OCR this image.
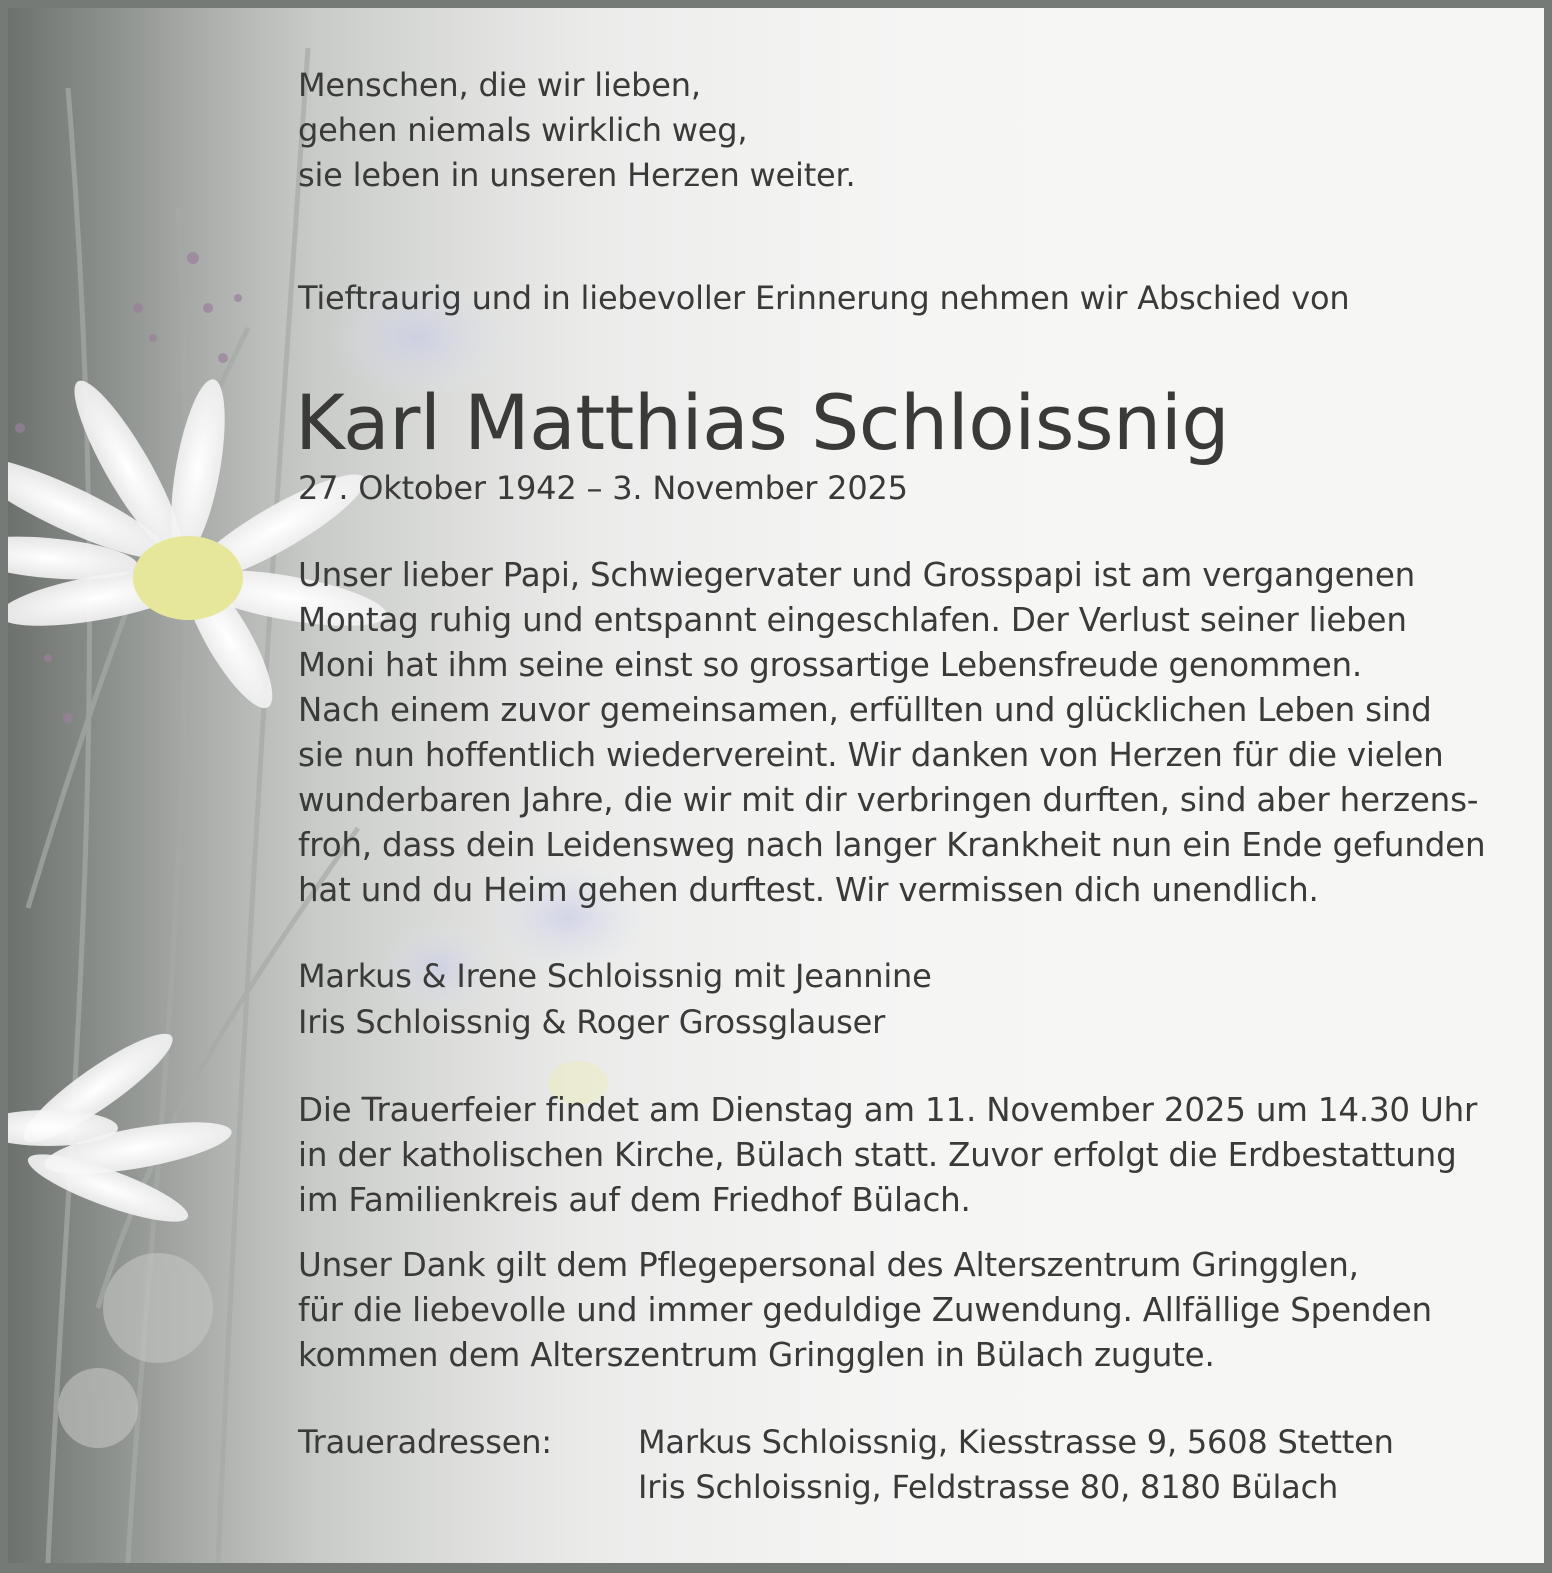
Menschen, die wir lieben,
gehen niemals wirklich weg,
sie leben in unseren Herzen weiter.

Tieftraurig und in liebevoller Erinnerung nehmen wir Abschied von

Karl Matthias Schloissnig

27. Oktober 1942 – 3. November 2025

Unser lieber Papi, Schwiegervater und Grosspapi ist am vergangenen
Montag ruhig und entspannt eingeschlafen. Der Verlust seiner lieben
Moni hat ihm seine einst so grossartige Lebensfreude genommen.
Nach einem zuvor gemeinsamen, erfüllten und glücklichen Leben sind
sie nun hoffentlich wiedervereint. Wir danken von Herzen für die vielen
wunderbaren Jahre, die wir mit dir verbringen durften, sind aber herzens-
froh, dass dein Leidensweg nach langer Krankheit nun ein Ende gefunden
hat und du Heim gehen durftest. Wir vermissen dich unendlich.
Markus & Irene Schloissnig mit Jeannine
Iris Schloissnig & Roger Grossglauser
Die Trauerfeier findet am Dienstag am 11. November 2025 um 14.30 Uhr
in der katholischen Kirche, Bülach statt. Zuvor erfolgt die Erdbestattung
im Familienkreis auf dem Friedhof Bülach.
Unser Dank gilt dem Pflegepersonal des Alterszentrum Gringglen,
für die liebevolle und immer geduldige Zuwendung. Allfällige Spenden
kommen dem Alterszentrum Gringglen in Bülach zugute.
Traueradressen:	Markus Schloissnig, Kiesstrasse 9, 5608 Stetten
Iris Schloissnig, Feldstrasse 80, 8180 Bülach
